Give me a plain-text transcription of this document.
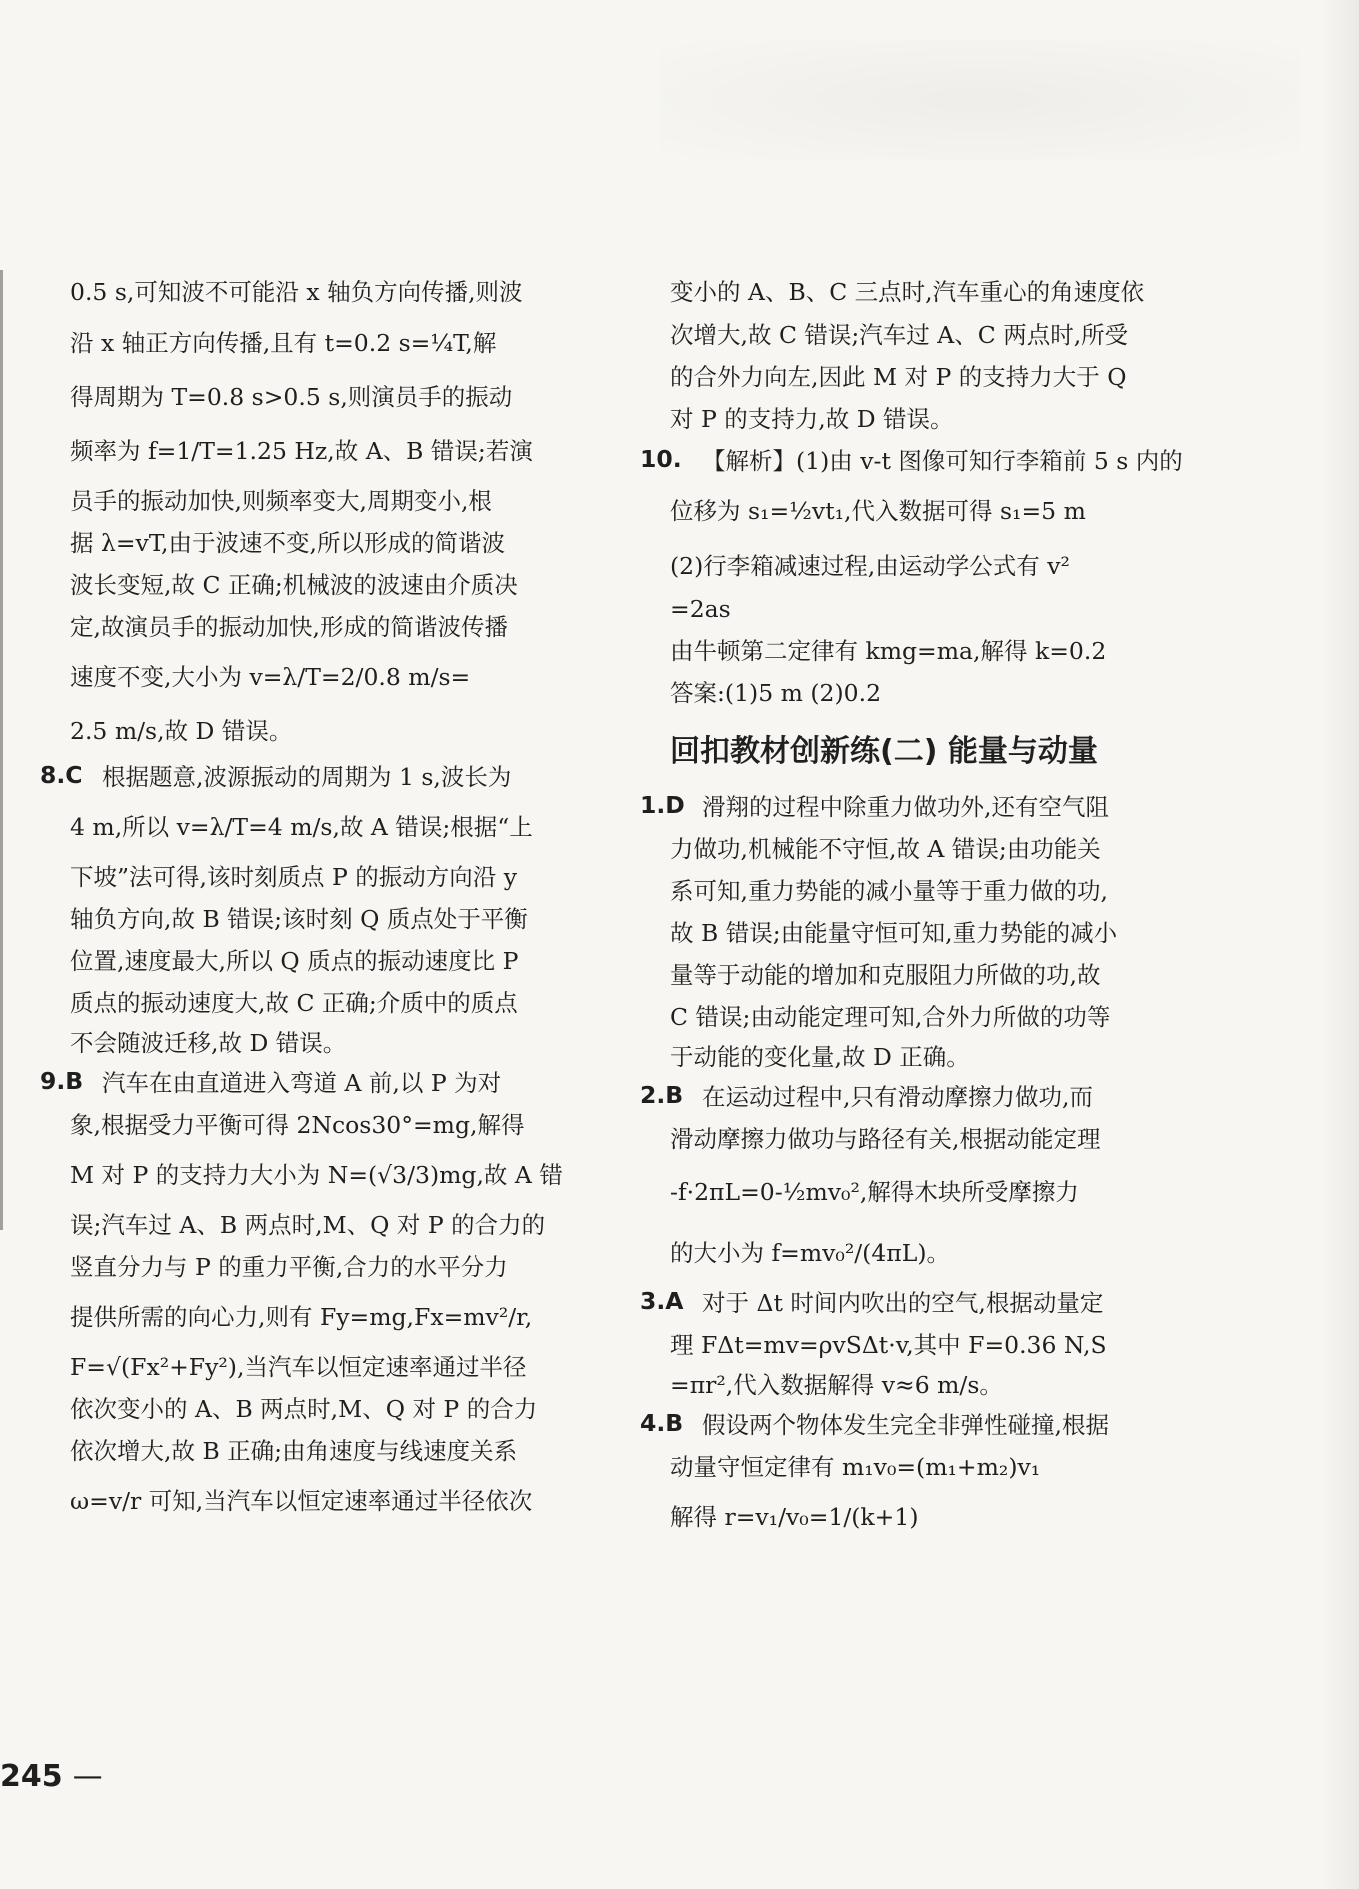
0.5 s,可知波不可能沿 x 轴负方向传播,则波
沿 x 轴正方向传播,且有 t=0.2 s=¼T,解
得周期为 T=0.8 s>0.5 s,则演员手的振动
频率为 f=1/T=1.25 Hz,故 A、B 错误;若演
员手的振动加快,则频率变大,周期变小,根
据 λ=vT,由于波速不变,所以形成的简谐波
波长变短,故 C 正确;机械波的波速由介质决
定,故演员手的振动加快,形成的简谐波传播
速度不变,大小为 v=λ/T=2/0.8 m/s=
2.5 m/s,故 D 错误。
8.C 根据题意,波源振动的周期为 1 s,波长为
4 m,所以 v=λ/T=4 m/s,故 A 错误;根据“上
下坡”法可得,该时刻质点 P 的振动方向沿 y
轴负方向,故 B 错误;该时刻 Q 质点处于平衡
位置,速度最大,所以 Q 质点的振动速度比 P
质点的振动速度大,故 C 正确;介质中的质点
不会随波迁移,故 D 错误。
9.B 汽车在由直道进入弯道 A 前,以 P 为对
象,根据受力平衡可得 2Ncos30°=mg,解得
M 对 P 的支持力大小为 N=(√3/3)mg,故 A 错
误;汽车过 A、B 两点时,M、Q 对 P 的合力的
竖直分力与 P 的重力平衡,合力的水平分力
提供所需的向心力,则有 Fy=mg,Fx=mv²/r,
F=√(Fx²+Fy²),当汽车以恒定速率通过半径
依次变小的 A、B 两点时,M、Q 对 P 的合力
依次增大,故 B 正确;由角速度与线速度关系
ω=v/r 可知,当汽车以恒定速率通过半径依次
变小的 A、B、C 三点时,汽车重心的角速度依
次增大,故 C 错误;汽车过 A、C 两点时,所受
的合外力向左,因此 M 对 P 的支持力大于 Q
对 P 的支持力,故 D 错误。
10. 【解析】(1)由 v-t 图像可知行李箱前 5 s 内的
位移为 s₁=½vt₁,代入数据可得 s₁=5 m
(2)行李箱减速过程,由运动学公式有 v²
=2as
由牛顿第二定律有 kmg=ma,解得 k=0.2
答案:(1)5 m (2)0.2
回扣教材创新练(二) 能量与动量
1.D 滑翔的过程中除重力做功外,还有空气阻
力做功,机械能不守恒,故 A 错误;由功能关
系可知,重力势能的减小量等于重力做的功,
故 B 错误;由能量守恒可知,重力势能的减小
量等于动能的增加和克服阻力所做的功,故
C 错误;由动能定理可知,合外力所做的功等
于动能的变化量,故 D 正确。
2.B 在运动过程中,只有滑动摩擦力做功,而
滑动摩擦力做功与路径有关,根据动能定理
-f·2πL=0-½mv₀²,解得木块所受摩擦力
的大小为 f=mv₀²/(4πL)。
3.A 对于 Δt 时间内吹出的空气,根据动量定
理 FΔt=mv=ρvSΔt·v,其中 F=0.36 N,S
=πr²,代入数据解得 v≈6 m/s。
4.B 假设两个物体发生完全非弹性碰撞,根据
动量守恒定律有 m₁v₀=(m₁+m₂)v₁
解得 r=v₁/v₀=1/(k+1)
245 —
